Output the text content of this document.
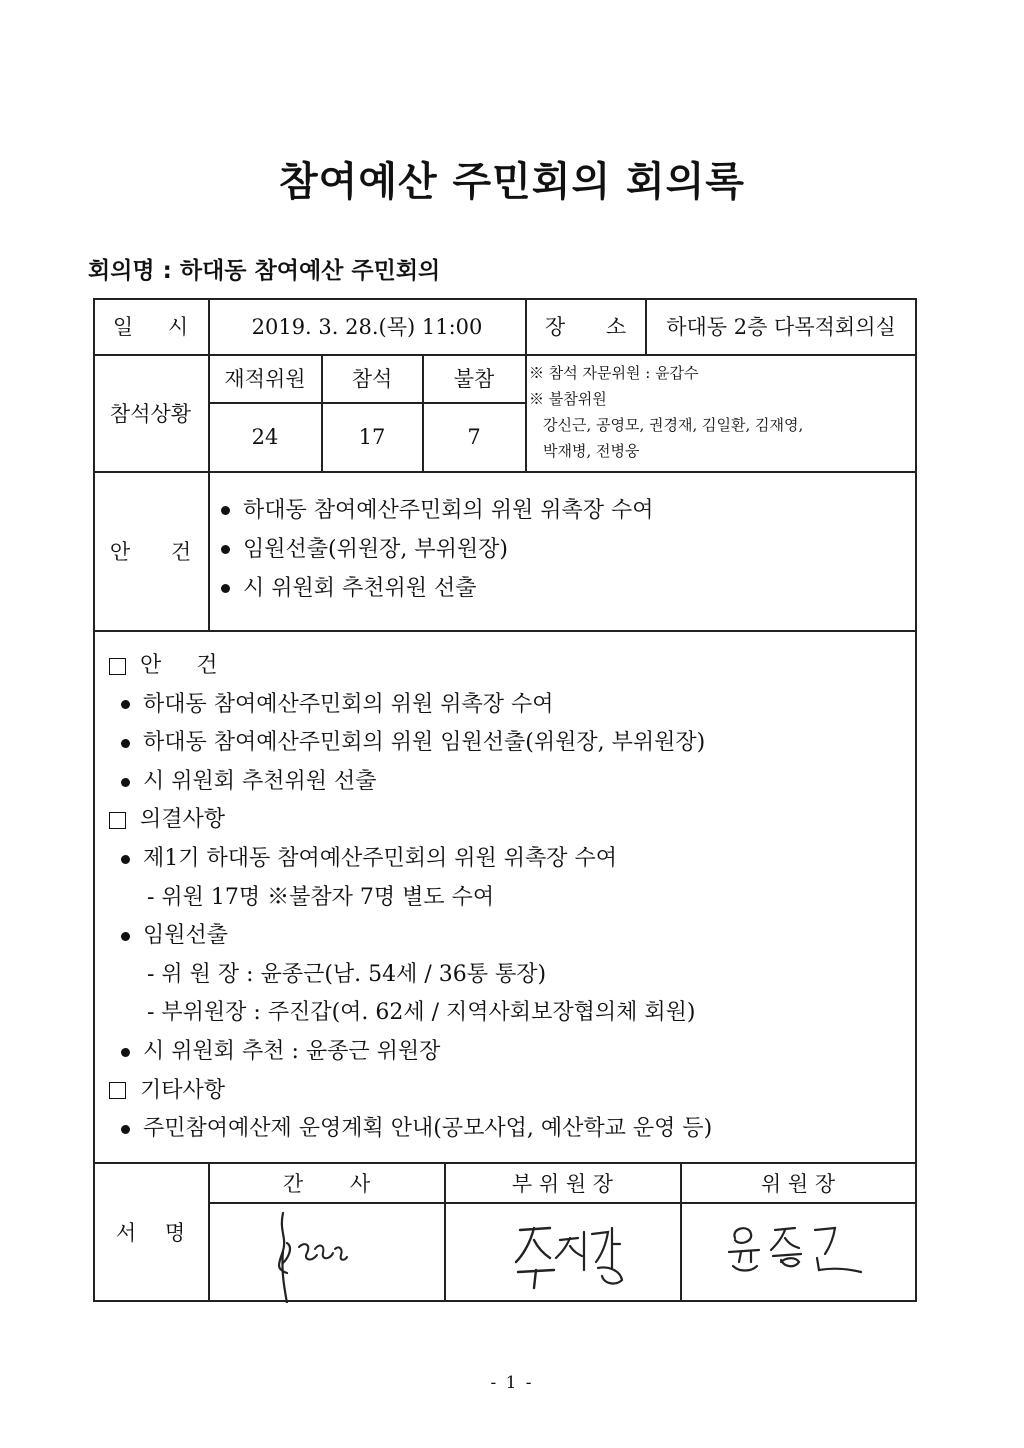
참여예산 주민회의 회의록
회의명 : 하대동 참여예산 주민회의
일 시	2019. 3. 28.(목) 11:00	장 소	하대동 2층 다목적회의실
참석상황
재적위원	참석	불참
24	17	7
※ 참석 자문위원 : 윤갑수
※ 불참위원
강신근, 공영모, 권경재, 김일환, 김재영,
박재병, 전병웅
안 건
하대동 참여예산주민회의 위원 위촉장 수여
임원선출(위원장, 부위원장)
시 위원회 추천위원 선출
안 건
하대동 참여예산주민회의 위원 위촉장 수여
하대동 참여예산주민회의 위원 임원선출(위원장, 부위원장)
시 위원회 추천위원 선출
의결사항
제1기 하대동 참여예산주민회의 위원 위촉장 수여
- 위원 17명 ※불참자 7명 별도 수여
임원선출
- 위 원 장 : 윤종근(남. 54세 / 36통 통장)
- 부위원장 : 주진갑(여. 62세 / 지역사회보장협의체 회원)
시 위원회 추천 : 윤종근 위원장
기타사항
주민참여예산제 운영계획 안내(공모사업, 예산학교 운영 등)
서 명
간 사	부 위 원 장	위 원 장
- 1 -
